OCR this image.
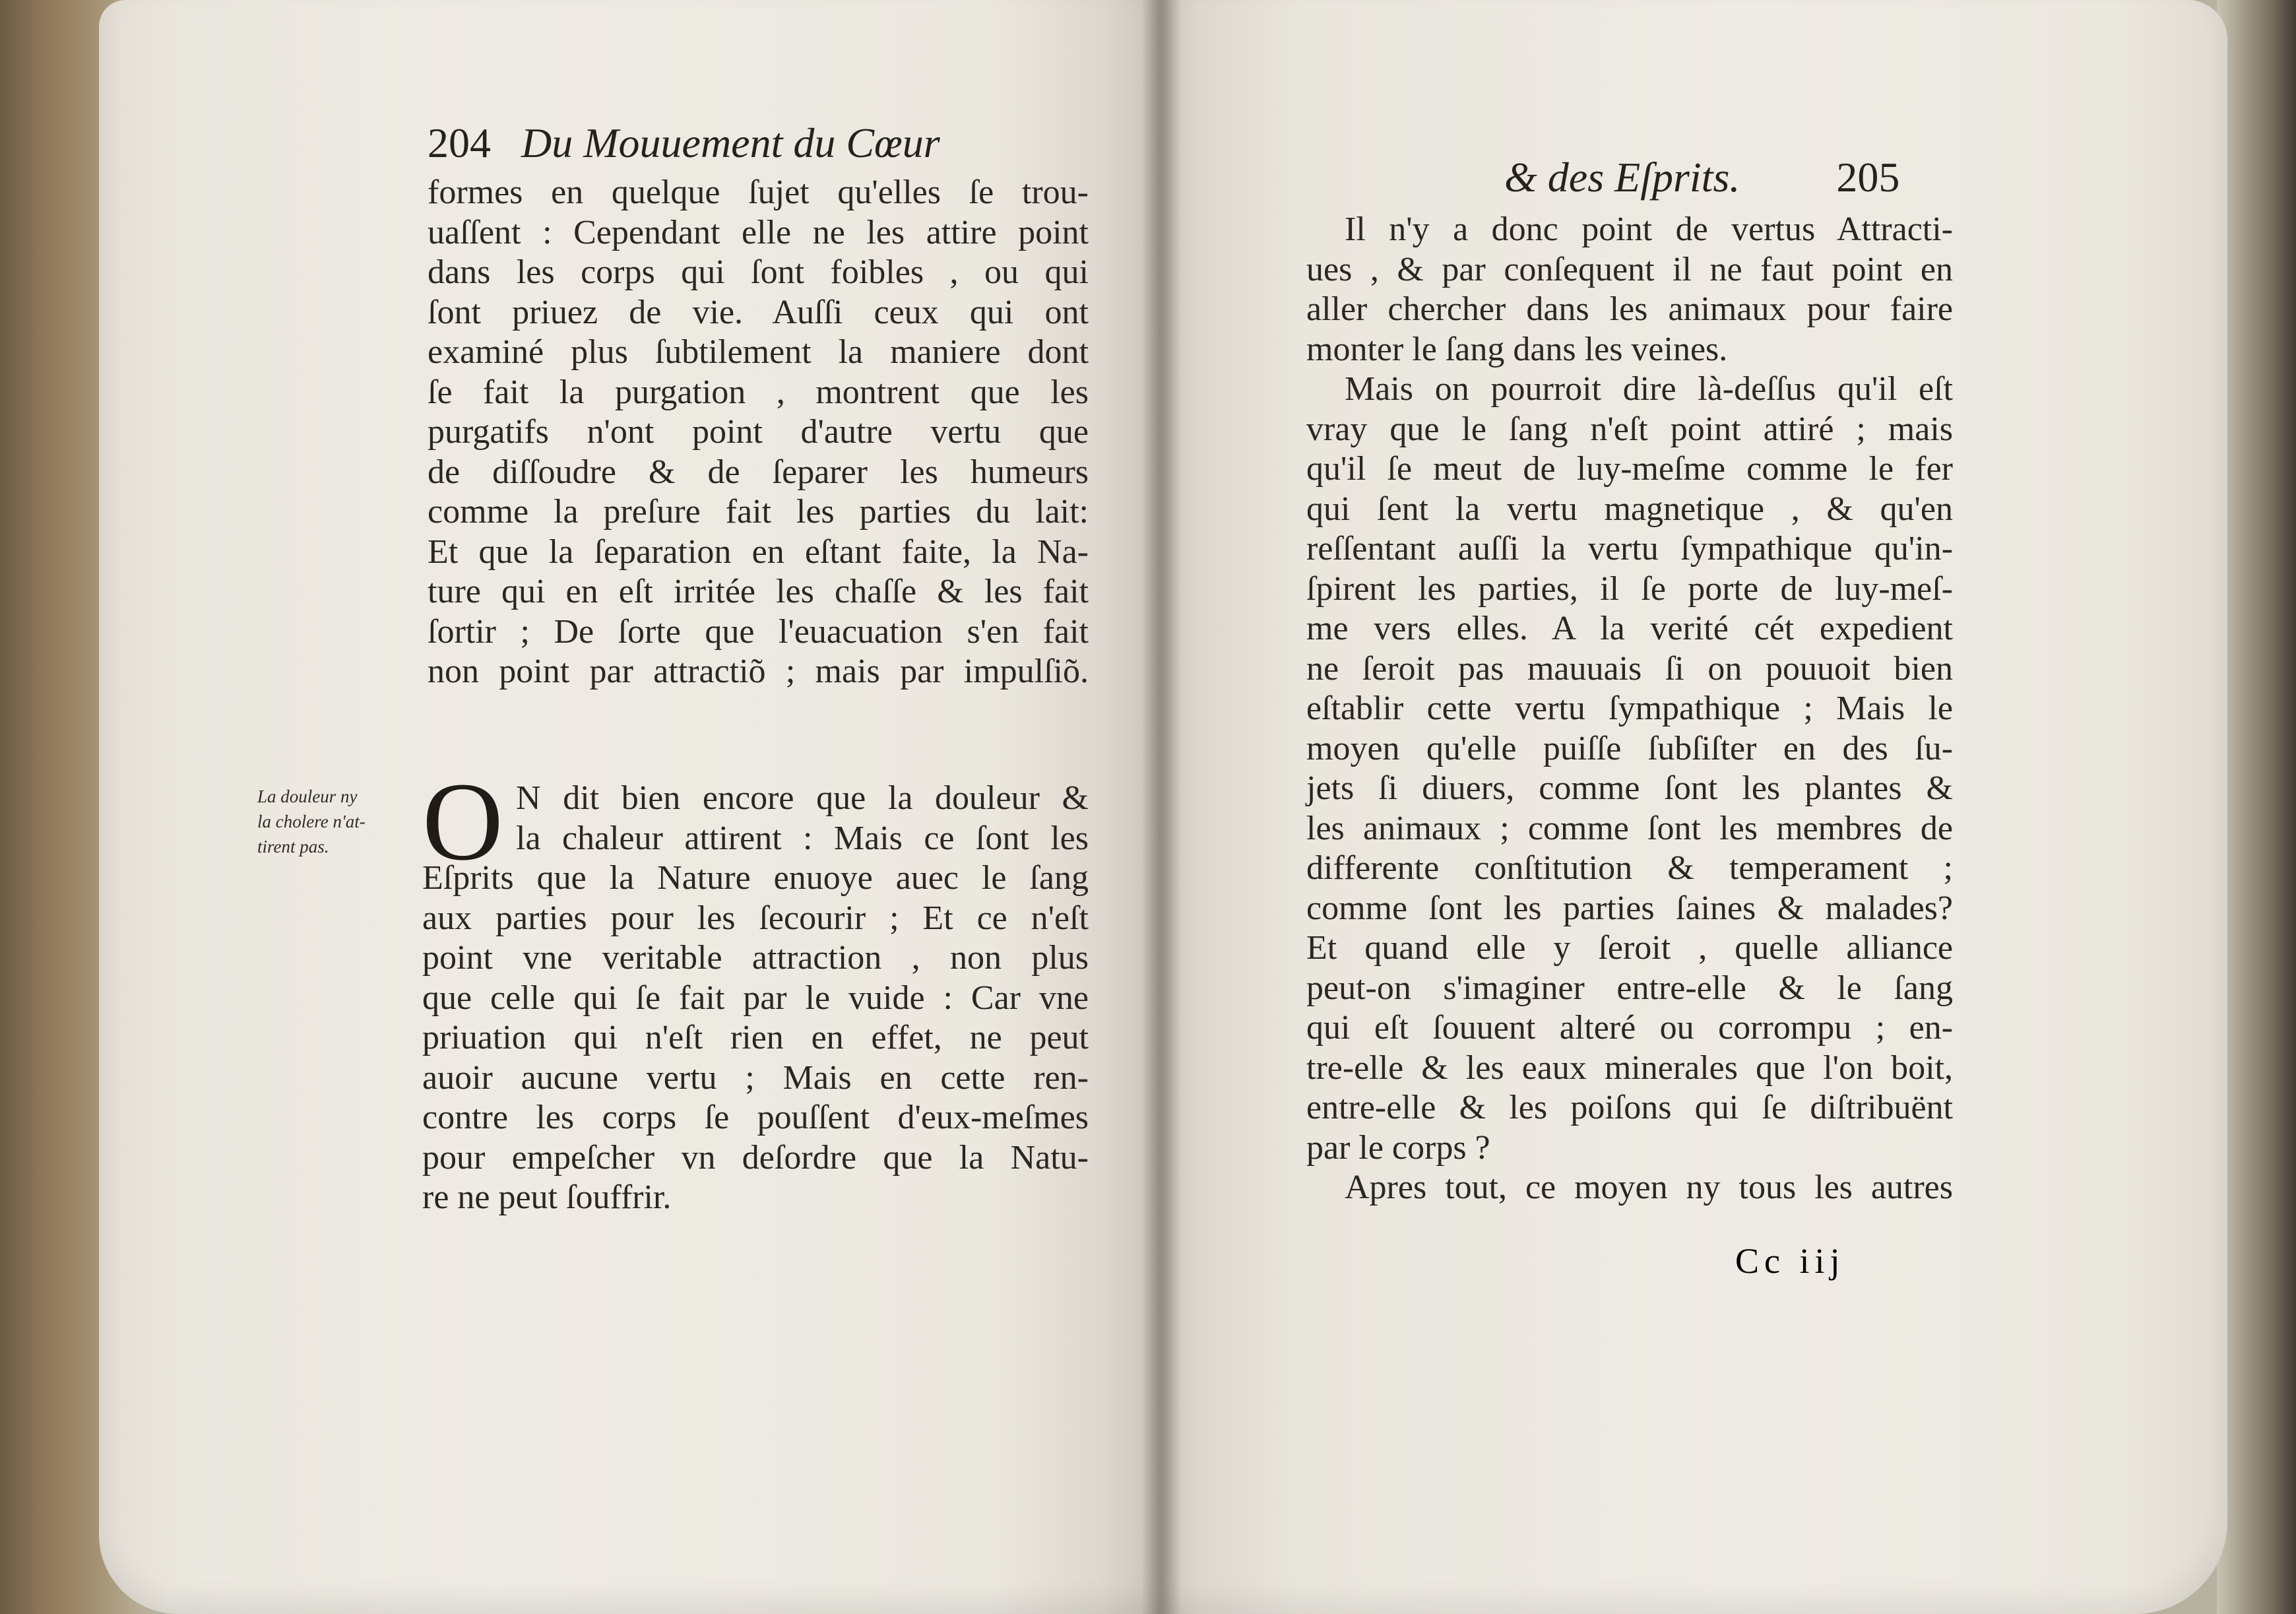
204 Du Mouuement du Cœur
formes en quelque ſujet qu'elles ſe trou-
uaſſent : Cependant elle ne les attire point
dans les corps qui ſont foibles , ou qui
ſont priuez de vie. Auſſi ceux qui ont
examiné plus ſubtilement la maniere dont
ſe fait la purgation , montrent que les
purgatifs n'ont point d'autre vertu que
de diſſoudre & de ſeparer les humeurs
comme la preſure fait les parties du lait:
Et que la ſeparation en eſtant faite, la Na-
ture qui en eſt irritée les chaſſe & les fait
ſortir ; De ſorte que l'euacuation s'en fait
non point par attractiõ ; mais par impulſiõ.
La douleur ny
la cholere n'at-
tirent pas. O N dit bien encore que la douleur &
la chaleur attirent : Mais ce ſont les
Eſprits que la Nature enuoye auec le ſang
aux parties pour les ſecourir ; Et ce n'eſt
point vne veritable attraction , non plus
que celle qui ſe fait par le vuide : Car vne
priuation qui n'eſt rien en effet, ne peut
auoir aucune vertu ; Mais en cette ren-
contre les corps ſe pouſſent d'eux-meſmes
pour empeſcher vn deſordre que la Natu-
re ne peut ſouffrir.
& des Eſprits. 205
Il n'y a donc point de vertus Attracti-
ues , & par conſequent il ne faut point en
aller chercher dans les animaux pour faire
monter le ſang dans les veines.
Mais on pourroit dire là-deſſus qu'il eſt
vray que le ſang n'eſt point attiré ; mais
qu'il ſe meut de luy-meſme comme le fer
qui ſent la vertu magnetique , & qu'en
reſſentant auſſi la vertu ſympathique qu'in-
ſpirent les parties, il ſe porte de luy-meſ-
me vers elles. A la verité cét expedient
ne ſeroit pas mauuais ſi on pouuoit bien
eſtablir cette vertu ſympathique ; Mais le
moyen qu'elle puiſſe ſubſiſter en des ſu-
jets ſi diuers, comme ſont les plantes &
les animaux ; comme ſont les membres de
differente conſtitution & temperament ;
comme ſont les parties ſaines & malades?
Et quand elle y ſeroit , quelle alliance
peut-on s'imaginer entre-elle & le ſang
qui eſt ſouuent alteré ou corrompu ; en-
tre-elle & les eaux minerales que l'on boit,
entre-elle & les poiſons qui ſe diſtribuënt
par le corps ?
Apres tout, ce moyen ny tous les autres
Cc iij
